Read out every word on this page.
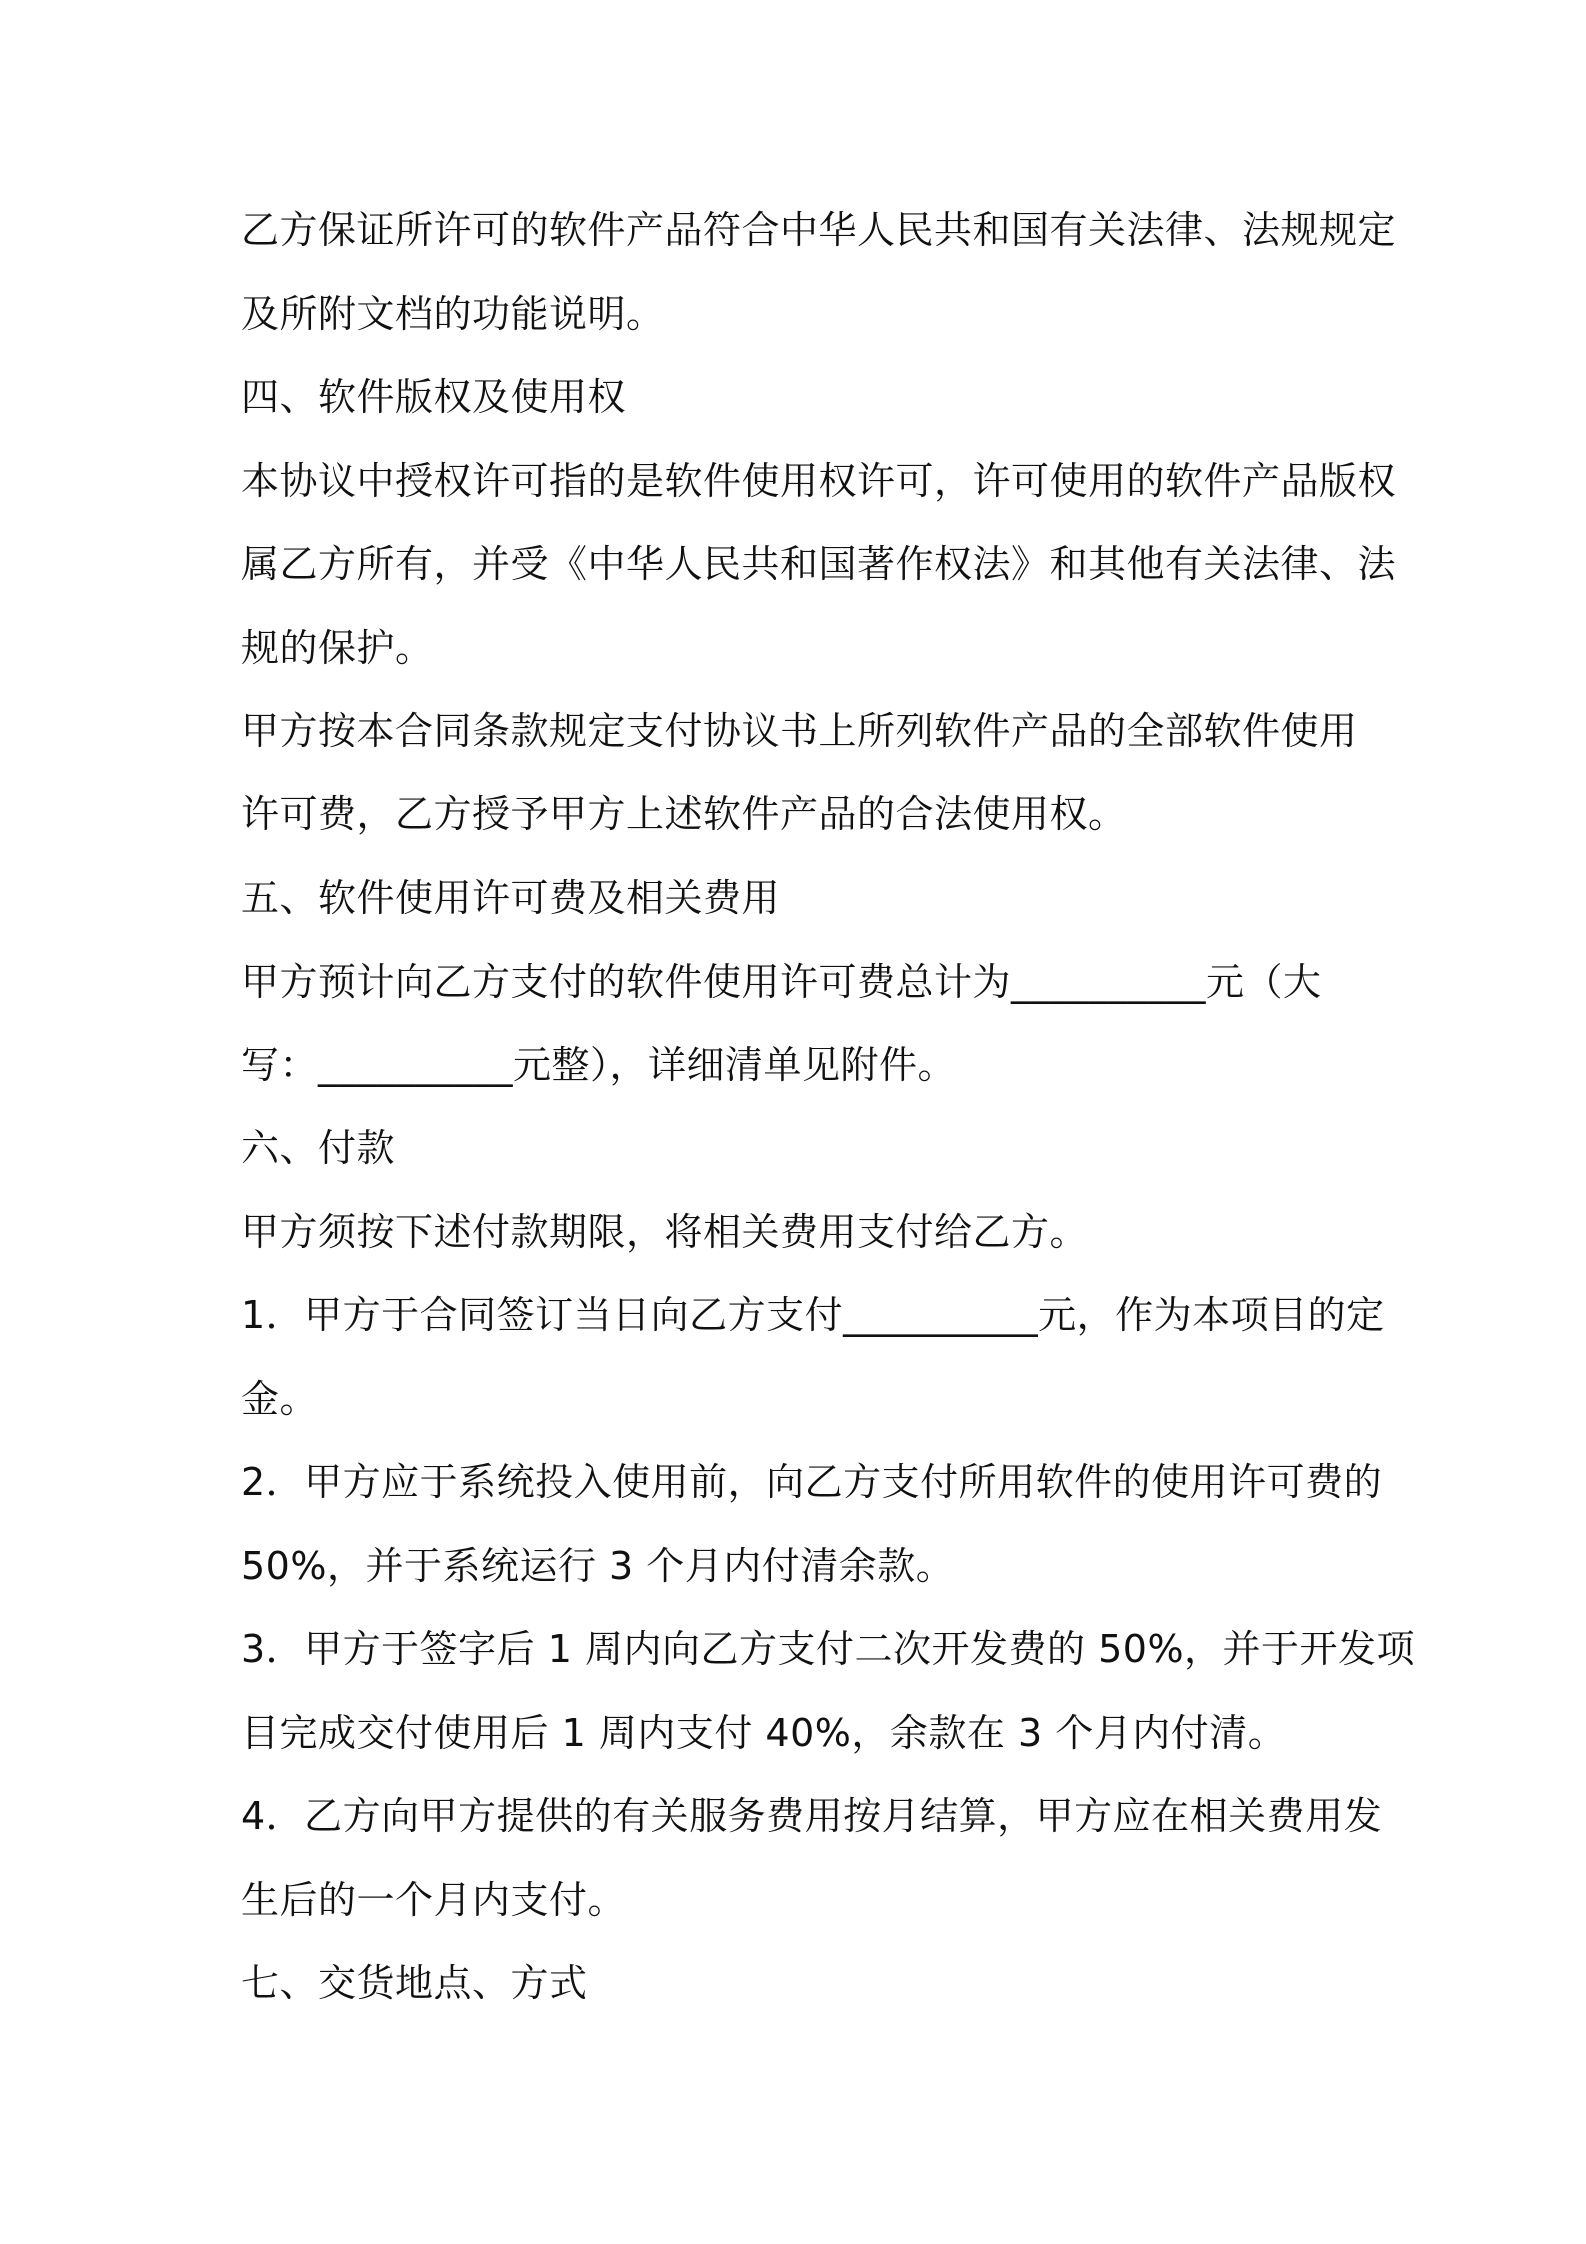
乙方保证所许可的软件产品符合中华人民共和国有关法律、法规规定
及所附文档的功能说明。
四、软件版权及使用权
本协议中授权许可指的是软件使用权许可，许可使用的软件产品版权
属乙方所有，并受《中华人民共和国著作权法》和其他有关法律、法
规的保护。
甲方按本合同条款规定支付协议书上所列软件产品的全部软件使用
许可费，乙方授予甲方上述软件产品的合法使用权。
五、软件使用许可费及相关费用
甲方预计向乙方支付的软件使用许可费总计为__________元（大
写：__________元整），详细清单见附件。
六、付款
甲方须按下述付款期限，将相关费用支付给乙方。
1．甲方于合同签订当日向乙方支付__________元，作为本项目的定
金。
2．甲方应于系统投入使用前，向乙方支付所用软件的使用许可费的
50%，并于系统运行 3 个月内付清余款。
3．甲方于签字后 1 周内向乙方支付二次开发费的 50%，并于开发项
目完成交付使用后 1 周内支付 40%，余款在 3 个月内付清。
4．乙方向甲方提供的有关服务费用按月结算，甲方应在相关费用发
生后的一个月内支付。
七、交货地点、方式
